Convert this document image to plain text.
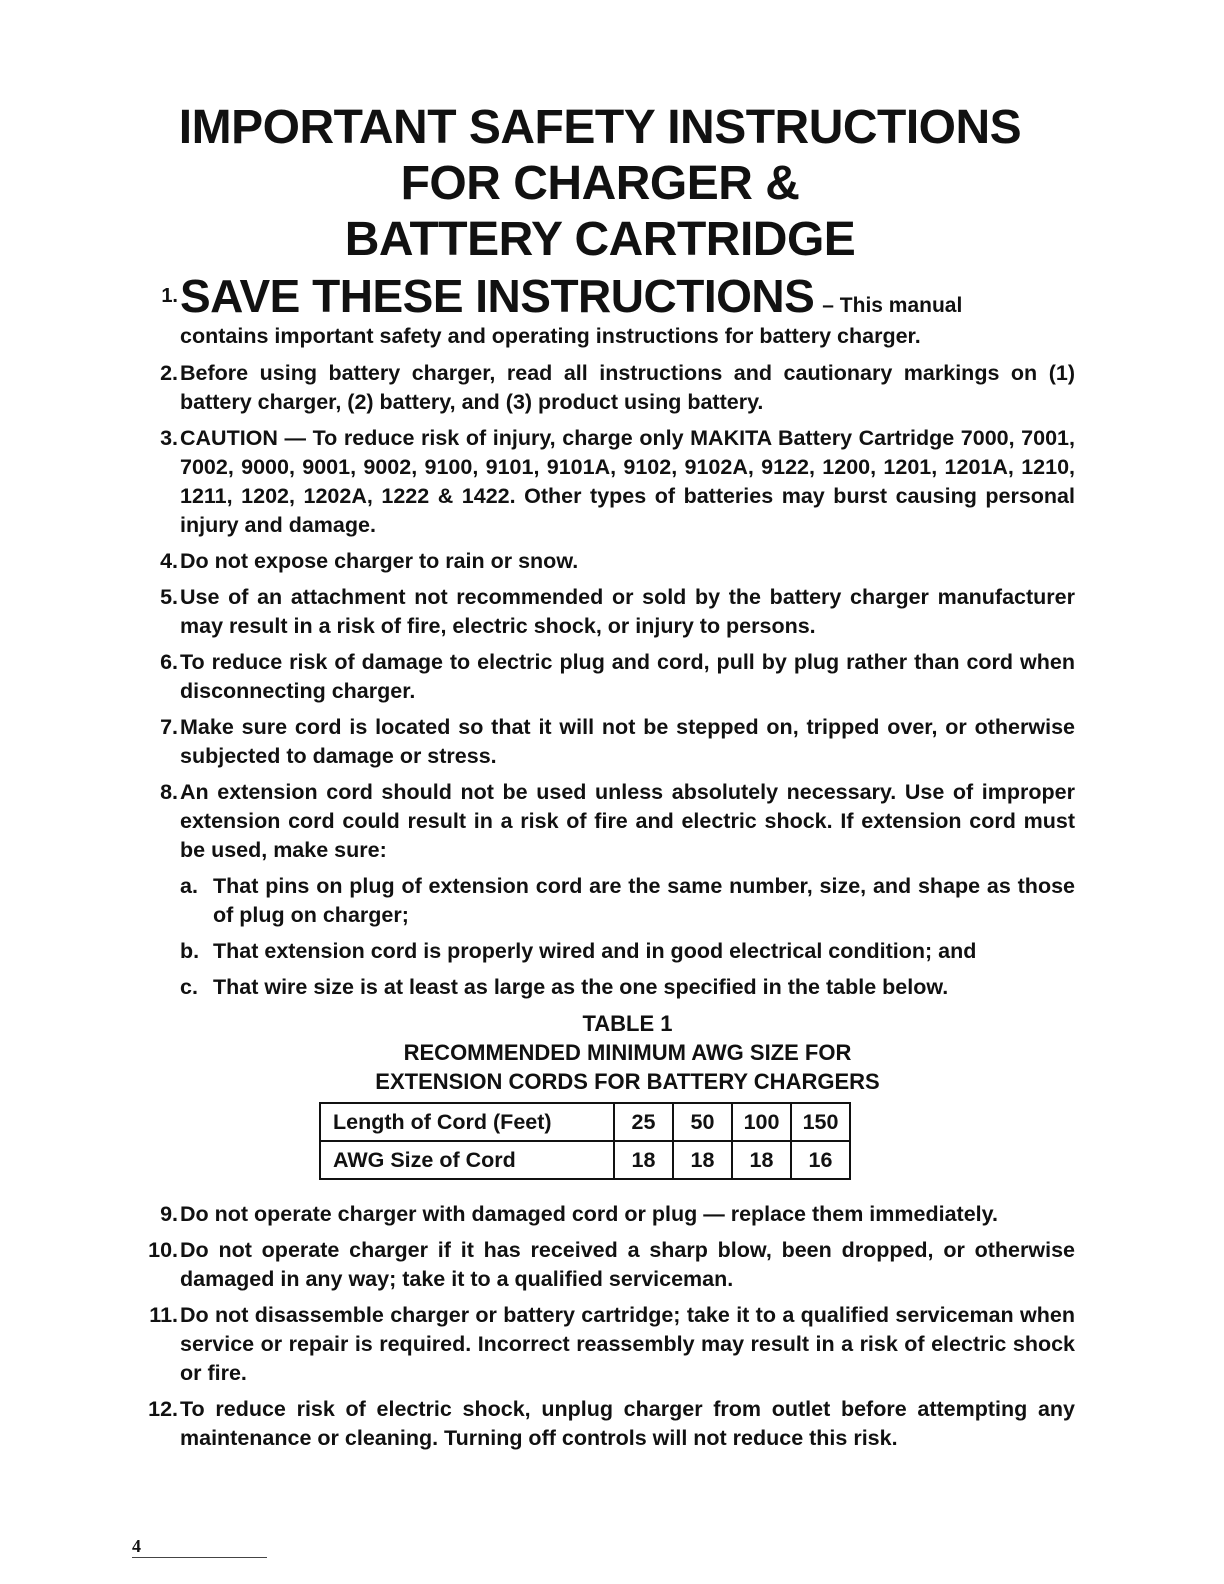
IMPORTANT SAFETY INSTRUCTIONS
FOR CHARGER &
BATTERY CARTRIDGE
1. SAVE THESE INSTRUCTIONS – This manual
contains important safety and operating instructions for battery charger.
2. Before using battery charger, read all instructions and cautionary markings on (1) battery charger, (2) battery, and (3) product using battery.
3. CAUTION — To reduce risk of injury, charge only MAKITA Battery Cartridge 7000, 7001, 7002, 9000, 9001, 9002, 9100, 9101, 9101A, 9102, 9102A, 9122, 1200, 1201, 1201A, 1210, 1211, 1202, 1202A, 1222 & 1422. Other types of batteries may burst causing personal injury and damage.
4. Do not expose charger to rain or snow.
5. Use of an attachment not recommended or sold by the battery charger manufacturer may result in a risk of fire, electric shock, or injury to persons.
6. To reduce risk of damage to electric plug and cord, pull by plug rather than cord when disconnecting charger.
7. Make sure cord is located so that it will not be stepped on, tripped over, or otherwise subjected to damage or stress.
8. An extension cord should not be used unless absolutely necessary. Use of improper extension cord could result in a risk of fire and electric shock. If extension cord must be used, make sure:
a. That pins on plug of extension cord are the same number, size, and shape as those of plug on charger;
b. That extension cord is properly wired and in good electrical condition; and
c. That wire size is at least as large as the one specified in the table below.
TABLE 1
RECOMMENDED MINIMUM AWG SIZE FOR
EXTENSION CORDS FOR BATTERY CHARGERS
Length of Cord (Feet)	25	50	100	150
AWG Size of Cord	18	18	18	16
9. Do not operate charger with damaged cord or plug — replace them immediately.
10. Do not operate charger if it has received a sharp blow, been dropped, or otherwise damaged in any way; take it to a qualified serviceman.
11. Do not disassemble charger or battery cartridge; take it to a qualified serviceman when service or repair is required. Incorrect reassembly may result in a risk of electric shock or fire.
12. To reduce risk of electric shock, unplug charger from outlet before attempting any maintenance or cleaning. Turning off controls will not reduce this risk.
4
